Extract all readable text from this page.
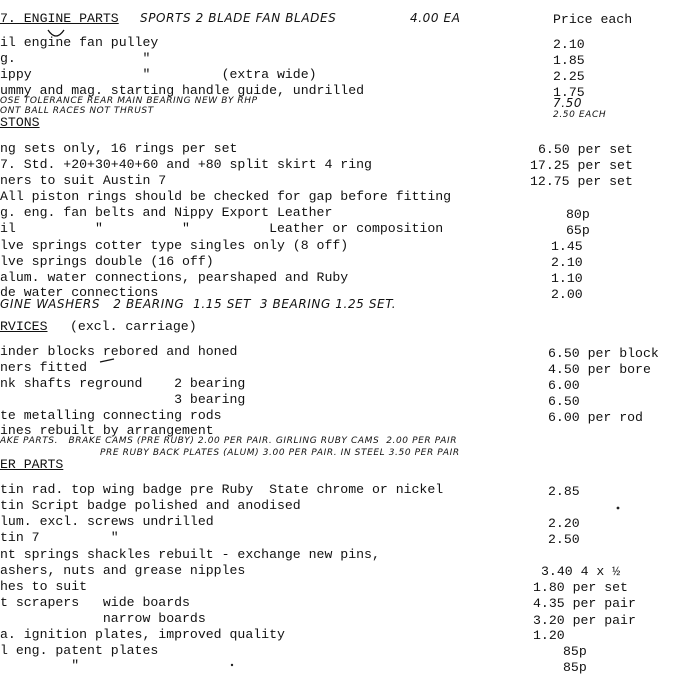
7. ENGINE PARTS SPORTS 2 BLADE FAN BLADES	4.00 EA	Price each
il engine fan pulley	2.10
g.                "	1.85
ippy              "         (extra wide)	2.25
ummy and mag. starting handle guide, undrilled	1.75
OSE TOLERANCE REAR MAIN BEARING NEW BY RHP	7.50
ONT BALL RACES NOT THRUST	2.50 EACH
STONS
ng sets only, 16 rings per set	6.50 per set
7. Std. +20+30+40+60 and +80 split skirt 4 ring	17.25 per set
ners to suit Austin 7	12.75 per set
All piston rings should be checked for gap before fitting
g. eng. fan belts and Nippy Export Leather	80p
il          "          "          Leather or composition	65p
lve springs cotter type singles only (8 off)	1.45
lve springs double (16 off)	2.10
alum. water connections, pearshaped and Ruby	1.10
de water connections	2.00
GINE WASHERS   2 BEARING  1.15 SET  3 BEARING 1.25 SET.
RVICES (excl. carriage)
inder blocks rebored and honed	6.50 per block
ners fitted	4.50 per bore
nk shafts reground    2 bearing	6.00
3 bearing	6.50
te metalling connecting rods	6.00 per rod
ines rebuilt by arrangement
AKE PARTS.   BRAKE CAMS (PRE RUBY) 2.00 PER PAIR. GIRLING RUBY CAMS  2.00 PER PAIR
PRE RUBY BACK PLATES (ALUM) 3.00 PER PAIR. IN STEEL 3.50 PER PAIR
ER PARTS
tin rad. top wing badge pre Ruby  State chrome or nickel	2.85
tin Script badge polished and anodised
lum. excl. screws undrilled	2.20
tin 7         "	2.50
nt springs shackles rebuilt - exchange new pins,
ashers, nuts and grease nipples	3.40 4 x ½
hes to suit	1.80 per set
t scrapers   wide boards	4.35 per pair
narrow boards	3.20 per pair
a. ignition plates, improved quality	1.20
l eng. patent plates	85p
"	85p
